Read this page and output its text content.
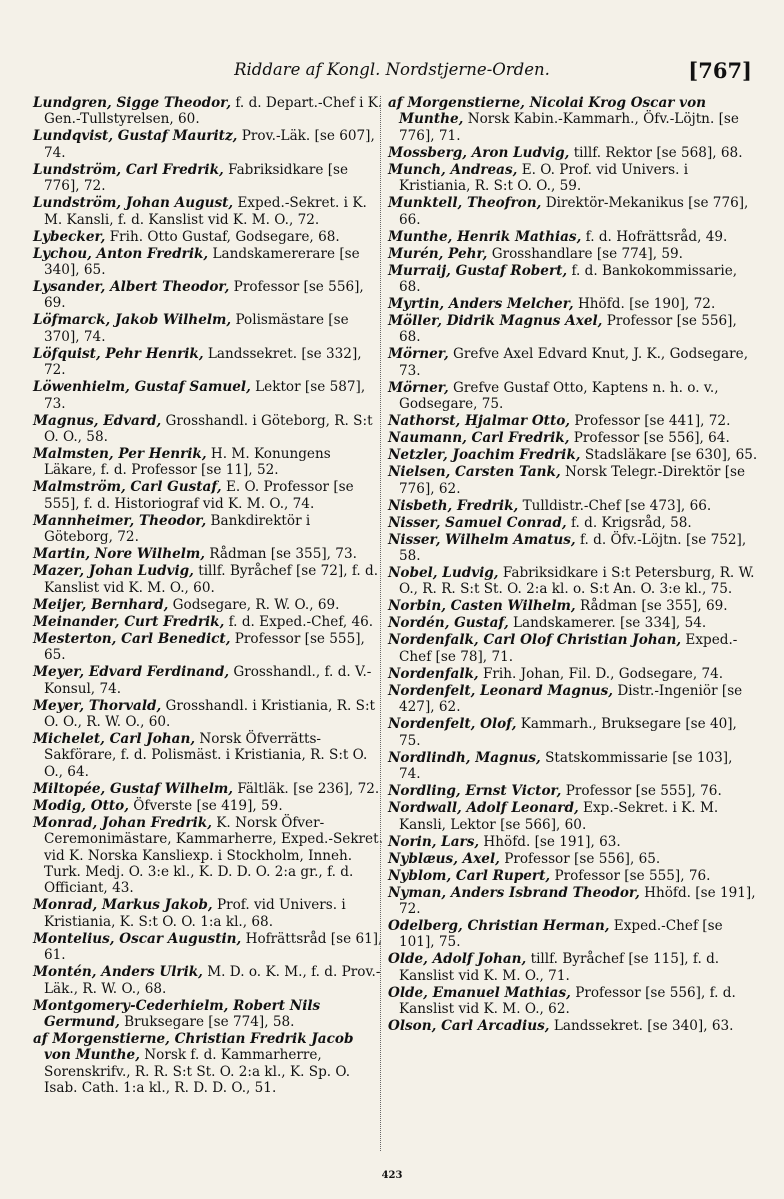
Riddare af Kongl. Nordstjerne-Orden.	[767]

Lundgren, Sigge Theodor, f. d. Depart.-Chef i K. Gen.-Tullstyrelsen, 60.

Lundqvist, Gustaf Mauritz, Prov.-Läk. [se 607], 74.

Lundström, Carl Fredrik, Fabriksidkare [se 776], 72.

Lundström, Johan August, Exped.-Sekret. i K. M. Kansli, f. d. Kanslist vid K. M. O., 72.

Lybecker, Frih. Otto Gustaf, Godsegare, 68.

Lychou, Anton Fredrik, Landskamererare [se 340], 65.

Lysander, Albert Theodor, Professor [se 556], 69.

Löfmarck, Jakob Wilhelm, Polismästare [se 370], 74.

Löfquist, Pehr Henrik, Landssekret. [se 332], 72.

Löwenhielm, Gustaf Samuel, Lektor [se 587], 73.

Magnus, Edvard, Grosshandl. i Göteborg, R. S:t O. O., 58.

Malmsten, Per Henrik, H. M. Konungens Läkare, f. d. Professor [se 11], 52.

Malmström, Carl Gustaf, E. O. Professor [se 555], f. d. Historiograf vid K. M. O., 74.

Mannheimer, Theodor, Bankdirektör i Göteborg, 72.

Martin, Nore Wilhelm, Rådman [se 355], 73.

Mazer, Johan Ludvig, tillf. Byråchef [se 72], f. d. Kanslist vid K. M. O., 60.

Meijer, Bernhard, Godsegare, R. W. O., 69.

Meinander, Curt Fredrik, f. d. Exped.-Chef, 46.

Mesterton, Carl Benedict, Professor [se 555], 65.

Meyer, Edvard Ferdinand, Grosshandl., f. d. V.-Konsul, 74.

Meyer, Thorvald, Grosshandl. i Kristiania, R. S:t O. O., R. W. O., 60.

Michelet, Carl Johan, Norsk Öfverrätts-Sakförare, f. d. Polismäst. i Kristiania, R. S:t O. O., 64.

Miltopée, Gustaf Wilhelm, Fältläk. [se 236], 72.

Modig, Otto, Öfverste [se 419], 59.

Monrad, Johan Fredrik, K. Norsk Öfver-Ceremonimästare, Kammarherre, Exped.-Sekret. vid K. Norska Kansliexp. i Stockholm, Inneh. Turk. Medj. O. 3:e kl., K. D. D. O. 2:a gr., f. d. Officiant, 43.

Monrad, Markus Jakob, Prof. vid Univers. i Kristiania, K. S:t O. O. 1:a kl., 68.

Montelius, Oscar Augustin, Hofrättsråd [se 61], 61.

Montén, Anders Ulrik, M. D. o. K. M., f. d. Prov.-Läk., R. W. O., 68.

Montgomery-Cederhielm, Robert Nils Germund, Bruksegare [se 774], 58.

af Morgenstierne, Christian Fredrik Jacob von Munthe, Norsk f. d. Kammarherre, Sorenskrifv., R. R. S:t St. O. 2:a kl., K. Sp. O. Isab. Cath. 1:a kl., R. D. D. O., 51.

af Morgenstierne, Nicolai Krog Oscar von Munthe, Norsk Kabin.-Kammarh., Öfv.-Löjtn. [se 776], 71.

Mossberg, Aron Ludvig, tillf. Rektor [se 568], 68.

Munch, Andreas, E. O. Prof. vid Univers. i Kristiania, R. S:t O. O., 59.

Munktell, Theofron, Direktör-Mekanikus [se 776], 66.

Munthe, Henrik Mathias, f. d. Hofrättsråd, 49.

Murén, Pehr, Grosshandlare [se 774], 59.

Murraij, Gustaf Robert, f. d. Bankokommissarie, 68.

Myrtin, Anders Melcher, Hhöfd. [se 190], 72.

Möller, Didrik Magnus Axel, Professor [se 556], 68.

Mörner, Grefve Axel Edvard Knut, J. K., Godsegare, 73.

Mörner, Grefve Gustaf Otto, Kaptens n. h. o. v., Godsegare, 75.

Nathorst, Hjalmar Otto, Professor [se 441], 72.

Naumann, Carl Fredrik, Professor [se 556], 64.

Netzler, Joachim Fredrik, Stadsläkare [se 630], 65.

Nielsen, Carsten Tank, Norsk Telegr.-Direktör [se 776], 62.

Nisbeth, Fredrik, Tulldistr.-Chef [se 473], 66.

Nisser, Samuel Conrad, f. d. Krigsråd, 58.

Nisser, Wilhelm Amatus, f. d. Öfv.-Löjtn. [se 752], 58.

Nobel, Ludvig, Fabriksidkare i S:t Petersburg, R. W. O., R. R. S:t St. O. 2:a kl. o. S:t An. O. 3:e kl., 75.

Norbin, Casten Wilhelm, Rådman [se 355], 69.

Nordén, Gustaf, Landskamerer. [se 334], 54.

Nordenfalk, Carl Olof Christian Johan, Exped.-Chef [se 78], 71.

Nordenfalk, Frih. Johan, Fil. D., Godsegare, 74.

Nordenfelt, Leonard Magnus, Distr.-Ingeniör [se 427], 62.

Nordenfelt, Olof, Kammarh., Bruksegare [se 40], 75.

Nordlindh, Magnus, Statskommissarie [se 103], 74.

Nordling, Ernst Victor, Professor [se 555], 76.

Nordwall, Adolf Leonard, Exp.-Sekret. i K. M. Kansli, Lektor [se 566], 60.

Norin, Lars, Hhöfd. [se 191], 63.

Nyblæus, Axel, Professor [se 556], 65.

Nyblom, Carl Rupert, Professor [se 555], 76.

Nyman, Anders Isbrand Theodor, Hhöfd. [se 191], 72.

Odelberg, Christian Herman, Exped.-Chef [se 101], 75.

Olde, Adolf Johan, tillf. Byråchef [se 115], f. d. Kanslist vid K. M. O., 71.

Olde, Emanuel Mathias, Professor [se 556], f. d. Kanslist vid K. M. O., 62.

Olson, Carl Arcadius, Landssekret. [se 340], 63.

423
